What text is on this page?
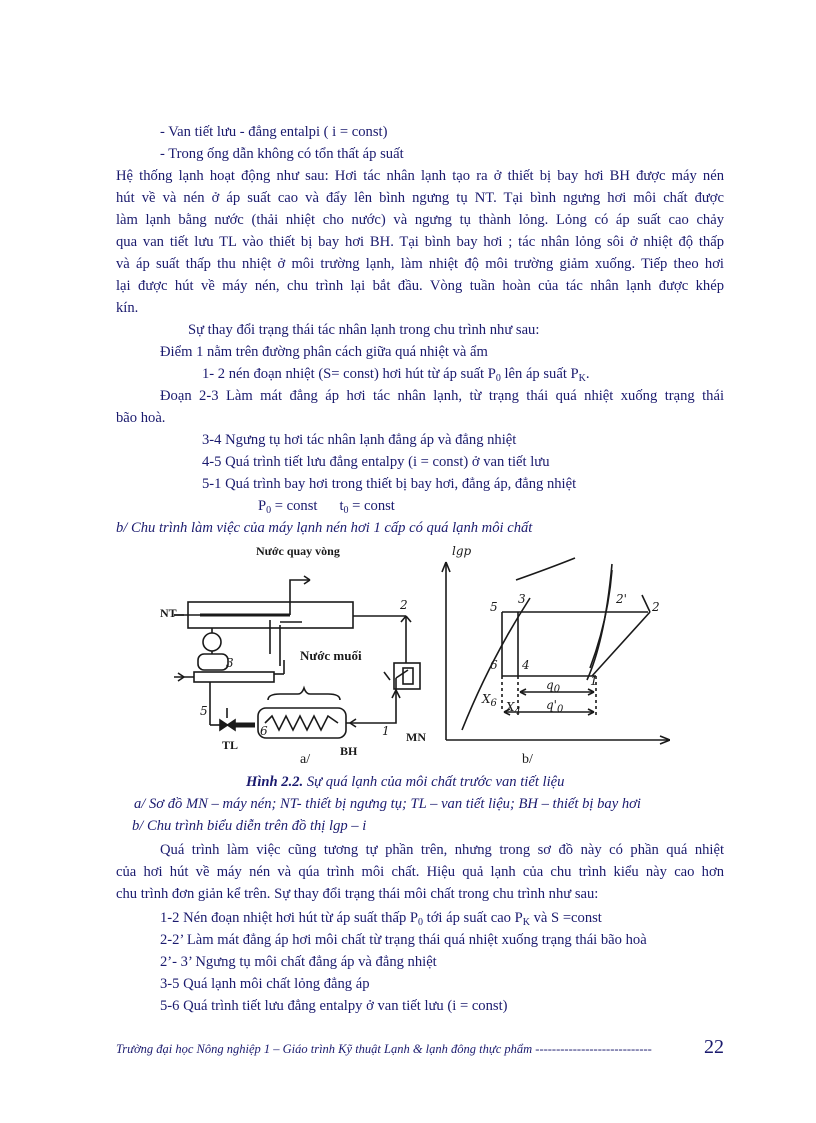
- Van tiết lưu - đẳng entalpi ( i = const)
- Trong ống dẫn không có tổn thất áp suất
Hệ thống lạnh hoạt động như sau: Hơi tác nhân lạnh tạo ra ở thiết bị bay hơi BH được máy nén
hút về và nén ở áp suất cao và đẩy lên bình ngưng tụ NT. Tại bình ngưng hơi môi chất được
làm lạnh bằng nước (thải nhiệt cho nước) và ngưng tụ thành lỏng. Lỏng có áp suất cao chảy
qua van tiết lưu TL vào thiết bị bay hơi BH. Tại bình bay hơi ; tác nhân lỏng sôi ở nhiệt độ thấp
và áp suất thấp thu nhiệt ở môi trường lạnh, làm nhiệt độ môi trường giảm xuống. Tiếp theo hơi
lại được hút về máy nén, chu trình lại bắt đầu. Vòng tuần hoàn của tác nhân lạnh được khép
kín.
Sự thay đổi trạng thái tác nhân lạnh trong chu trình như sau:
Điểm 1 nằm trên đường phân cách giữa quá nhiệt và ẩm
1- 2 nén đoạn nhiệt (S= const) hơi hút từ áp suất $P_0$ lên áp suất $P_K$.
Đoạn 2-3 Làm mát đẳng áp hơi tác nhân lạnh, từ trạng thái quá nhiệt xuống trạng thái
bão hoà.
3-4 Ngưng tụ hơi tác nhân lạnh đẳng áp và đẳng nhiệt
4-5 Quá trình tiết lưu đẳng entalpy (i = const) ở van tiết lưu
5-1 Quá trình bay hơi trong thiết bị bay hơi, đẳng áp, đẳng nhiệt
$P_0$ = const $t_0$ = const
b/ Chu trình làm việc của máy lạnh nén hơi 1 cấp có quá lạnh môi chất
Nước quay vòng
NT
Nước muối
TL	BH
MN
2
3
5
6	1
a/
lgp
3
5
2'
2
6 4
1
$X_6$ $X_4$
$q_0$
$q'_0$
b/
Hình 2.2. Sự quá lạnh của môi chất trước van tiết liệu
a/ Sơ đồ MN – máy nén; NT- thiết bị ngưng tụ; TL – van tiết liệu; BH – thiết bị bay hơi
b/ Chu trình biểu diễn trên đồ thị lgp – i
Quá trình làm việc cũng tương tự phần trên, nhưng trong sơ đồ này có phần quá nhiệt
của hơi hút về máy nén và qúa trình môi chất. Hiệu quả lạnh của chu trình kiểu này cao hơn
chu trình đơn giản kể trên. Sự thay đổi trạng thái môi chất trong chu trình như sau:
1-2 Nén đoạn nhiệt hơi hút từ áp suất thấp $P_0$ tới áp suất cao $P_K$ và S =const
2-2’ Làm mát đẳng áp hơi môi chất từ trạng thái quá nhiệt xuống trạng thái bão hoà
2’- 3’ Ngưng tụ môi chất đẳng áp và đẳng nhiệt
3-5 Quá lạnh môi chất lỏng đẳng áp
5-6 Quá trình tiết lưu đẳng entalpy ở van tiết lưu (i = const)
Trường đại học Nông nghiệp 1 – Giáo trình Kỹ thuật Lạnh & lạnh đông thực phẩm ----------------------------	22
